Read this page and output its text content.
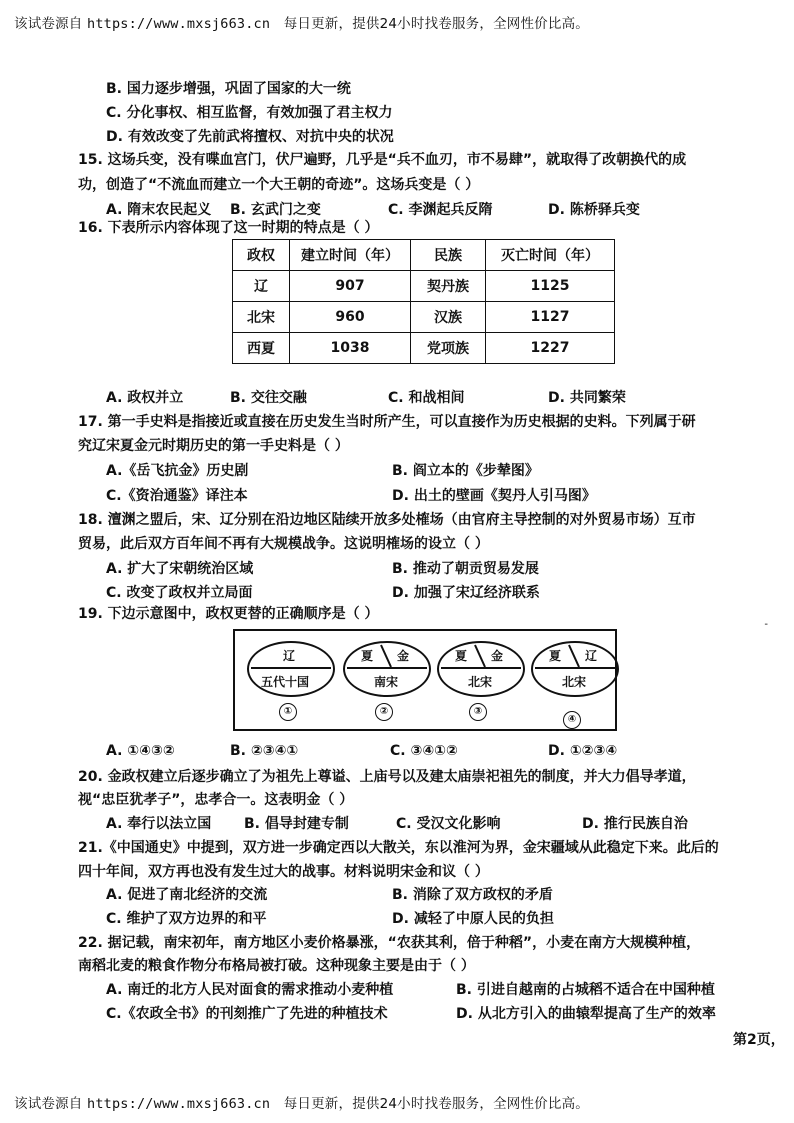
该试卷源自 https://www.mxsj663.cn 每日更新，提供24小时找卷服务，全网性价比高。
B. 国力逐步增强，巩固了国家的大一统
C. 分化事权、相互监督，有效加强了君主权力
D. 有效改变了先前武将擅权、对抗中央的状况
15. 这场兵变，没有喋血宫门，伏尸遍野，几乎是“兵不血刃，市不易肆”，就取得了改朝换代的成
功，创造了“不流血而建立一个大王朝的奇迹”。这场兵变是（ ）
A. 隋末农民起义 B. 玄武门之变	C. 李渊起兵反隋	D. 陈桥驿兵变
16. 下表所示内容体现了这一时期的特点是（ ）
政权	建立时间（年）	民族	灭亡时间（年）
辽	907	契丹族	1125
北宋	960	汉族	1127
西夏	1038	党项族	1227
A. 政权并立	B. 交往交融	C. 和战相间	D. 共同繁荣
17. 第一手史料是指接近或直接在历史发生当时所产生，可以直接作为历史根据的史料。下列属于研
究辽宋夏金元时期历史的第一手史料是（ ）
A.《岳飞抗金》历史剧	B. 阎立本的《步辇图》
C.《资治通鉴》译注本	D. 出土的壁画《契丹人引马图》
18. 澶渊之盟后，宋、辽分别在沿边地区陆续开放多处榷场（由官府主导控制的对外贸易市场）互市
贸易，此后双方百年间不再有大规模战争。这说明榷场的设立（ ）
A. 扩大了宋朝统治区域	B. 推动了朝贡贸易发展
C. 改变了政权并立局面	D. 加强了宋辽经济联系
19. 下边示意图中，政权更替的正确顺序是（ ）
辽
五代十国
①
夏 金
南宋
②
夏 金
北宋
③
夏 辽
北宋
④
-
A. ①④③②	B. ②③④①	C. ③④①②	D. ①②③④
20. 金政权建立后逐步确立了为祖先上尊谥、上庙号以及建太庙崇祀祖先的制度，并大力倡导孝道，
视“忠臣犹孝子”，忠孝合一。这表明金（ ）
A. 奉行以法立国 B. 倡导封建专制	C. 受汉文化影响	D. 推行民族自治
21.《中国通史》中提到，双方进一步确定西以大散关，东以淮河为界，金宋疆域从此稳定下来。此后的
四十年间，双方再也没有发生过大的战事。材料说明宋金和议（ ）
A. 促进了南北经济的交流	B. 消除了双方政权的矛盾
C. 维护了双方边界的和平	D. 减轻了中原人民的负担
22. 据记载，南宋初年，南方地区小麦价格暴涨，“农获其利，倍于种稻”，小麦在南方大规模种植，
南稻北麦的粮食作物分布格局被打破。这种现象主要是由于（ ）
A. 南迁的北方人民对面食的需求推动小麦种植	B. 引进自越南的占城稻不适合在中国种植
C.《农政全书》的刊刻推广了先进的种植技术	D. 从北方引入的曲辕犁提高了生产的效率
第2页，
该试卷源自 https://www.mxsj663.cn 每日更新，提供24小时找卷服务，全网性价比高。
